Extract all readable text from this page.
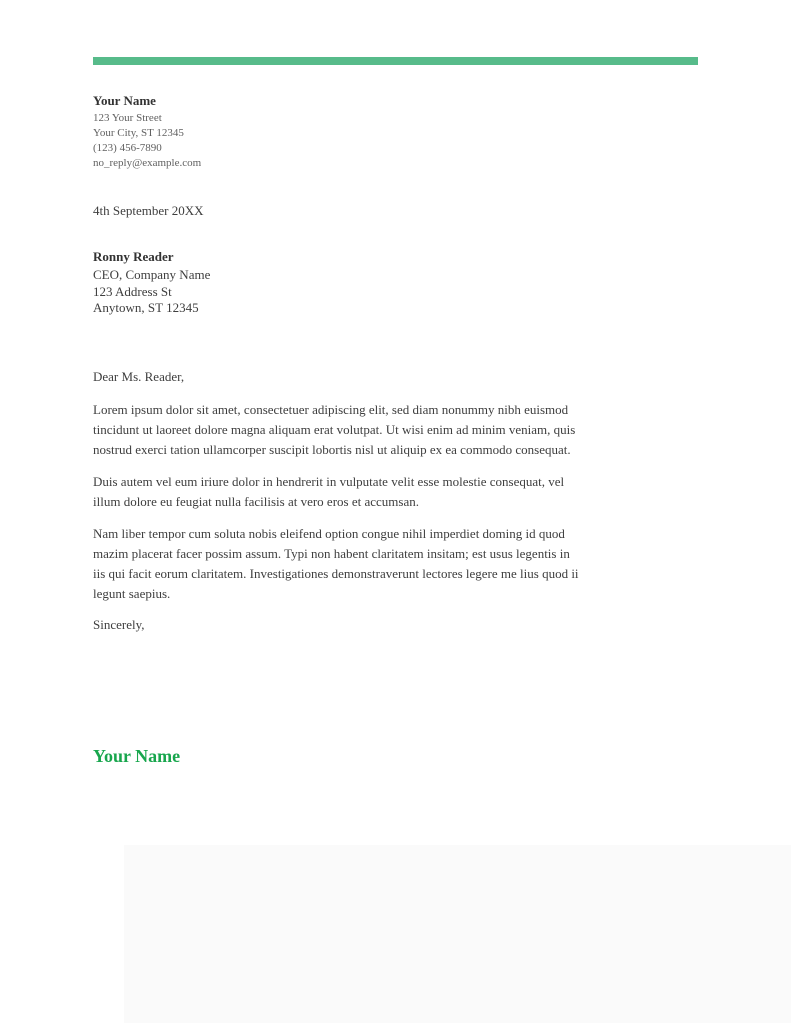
Your Name
123 Your Street
Your City, ST 12345
(123) 456-7890
no_reply@example.com
4th September 20XX
Ronny Reader
CEO, Company Name
123 Address St
Anytown, ST 12345
Dear Ms. Reader,

Lorem ipsum dolor sit amet, consectetuer adipiscing elit, sed diam nonummy nibh euismod tincidunt ut laoreet dolore magna aliquam erat volutpat. Ut wisi enim ad minim veniam, quis nostrud exerci tation ullamcorper suscipit lobortis nisl ut aliquip ex ea commodo consequat.

Duis autem vel eum iriure dolor in hendrerit in vulputate velit esse molestie consequat, vel illum dolore eu feugiat nulla facilisis at vero eros et accumsan.

Nam liber tempor cum soluta nobis eleifend option congue nihil imperdiet doming id quod mazim placerat facer possim assum. Typi non habent claritatem insitam; est usus legentis in iis qui facit eorum claritatem. Investigationes demonstraverunt lectores legere me lius quod ii legunt saepius.

Sincerely,
Your Name
